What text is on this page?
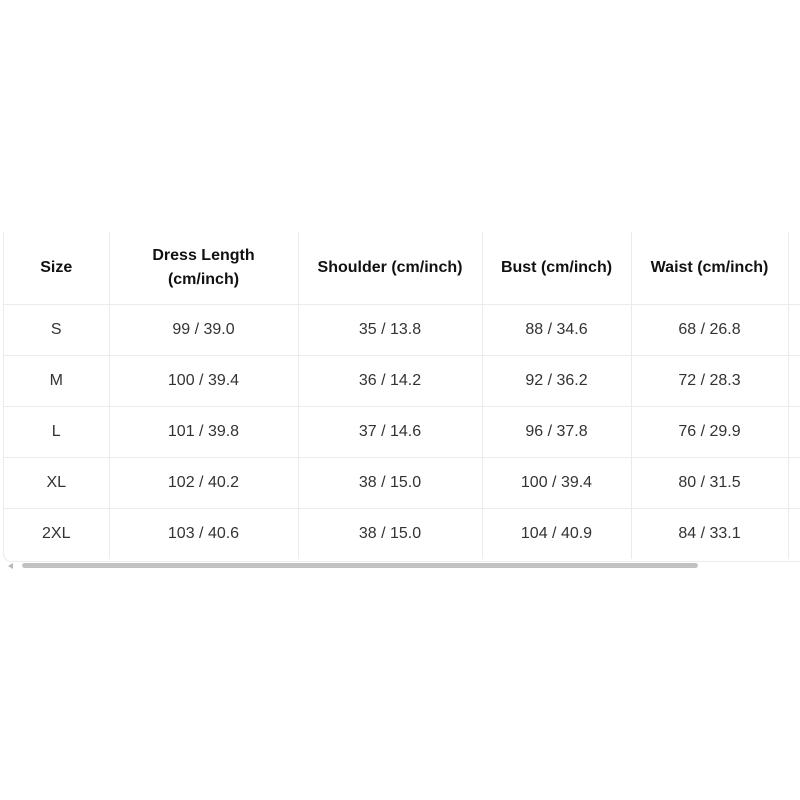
Size	Dress Length (cm/inch)	Shoulder (cm/inch)	Bust (cm/inch)	Waist (cm/inch)	
S	99 / 39.0	35 / 13.8	88 / 34.6	68 / 26.8	
M	100 / 39.4	36 / 14.2	92 / 36.2	72 / 28.3	
L	101 / 39.8	37 / 14.6	96 / 37.8	76 / 29.9	
XL	102 / 40.2	38 / 15.0	100 / 39.4	80 / 31.5	
2XL	103 / 40.6	38 / 15.0	104 / 40.9	84 / 33.1	
